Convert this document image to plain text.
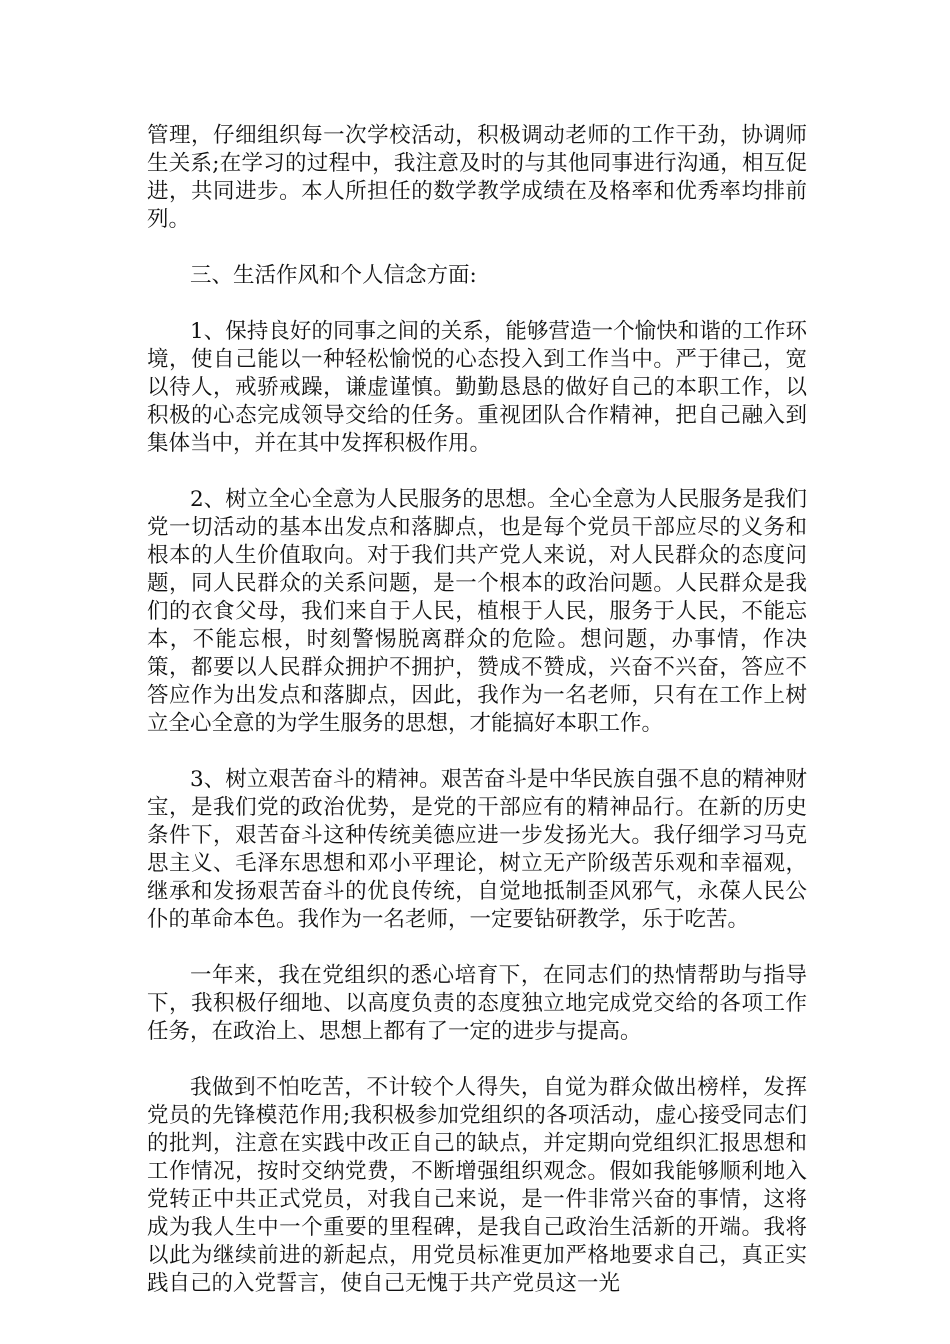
管理，仔细组织每一次学校活动，积极调动老师的工作干劲，协调师生关系;在学习的过程中，我注意及时的与其他同事进行沟通，相互促进，共同进步。本人所担任的数学教学成绩在及格率和优秀率均排前列。

三、生活作风和个人信念方面:

1、保持良好的同事之间的关系，能够营造一个愉快和谐的工作环境，使自己能以一种轻松愉悦的心态投入到工作当中。严于律己，宽以待人，戒骄戒躁，谦虚谨慎。勤勤恳恳的做好自己的本职工作，以积极的心态完成领导交给的任务。重视团队合作精神，把自己融入到集体当中，并在其中发挥积极作用。

2、树立全心全意为人民服务的思想。全心全意为人民服务是我们党一切活动的基本出发点和落脚点，也是每个党员干部应尽的义务和根本的人生价值取向。对于我们共产党人来说，对人民群众的态度问题，同人民群众的关系问题，是一个根本的政治问题。人民群众是我们的衣食父母，我们来自于人民，植根于人民，服务于人民，不能忘本，不能忘根，时刻警惕脱离群众的危险。想问题，办事情，作决策，都要以人民群众拥护不拥护，赞成不赞成，兴奋不兴奋，答应不答应作为出发点和落脚点，因此，我作为一名老师，只有在工作上树立全心全意的为学生服务的思想，才能搞好本职工作。

3、树立艰苦奋斗的精神。艰苦奋斗是中华民族自强不息的精神财宝，是我们党的政治优势，是党的干部应有的精神品行。在新的历史条件下，艰苦奋斗这种传统美德应进一步发扬光大。我仔细学习马克思主义、毛泽东思想和邓小平理论，树立无产阶级苦乐观和幸福观，继承和发扬艰苦奋斗的优良传统，自觉地抵制歪风邪气，永葆人民公仆的革命本色。我作为一名老师，一定要钻研教学，乐于吃苦。

一年来，我在党组织的悉心培育下，在同志们的热情帮助与指导下，我积极仔细地、以高度负责的态度独立地完成党交给的各项工作任务，在政治上、思想上都有了一定的进步与提高。

我做到不怕吃苦，不计较个人得失，自觉为群众做出榜样，发挥党员的先锋模范作用;我积极参加党组织的各项活动，虚心接受同志们的批判，注意在实践中改正自己的缺点，并定期向党组织汇报思想和工作情况，按时交纳党费，不断增强组织观念。假如我能够顺利地入党转正中共正式党员，对我自己来说，是一件非常兴奋的事情，这将成为我人生中一个重要的里程碑，是我自己政治生活新的开端。我将以此为继续前进的新起点，用党员标准更加严格地要求自己，真正实践自己的入党誓言，使自己无愧于共产党员这一光
